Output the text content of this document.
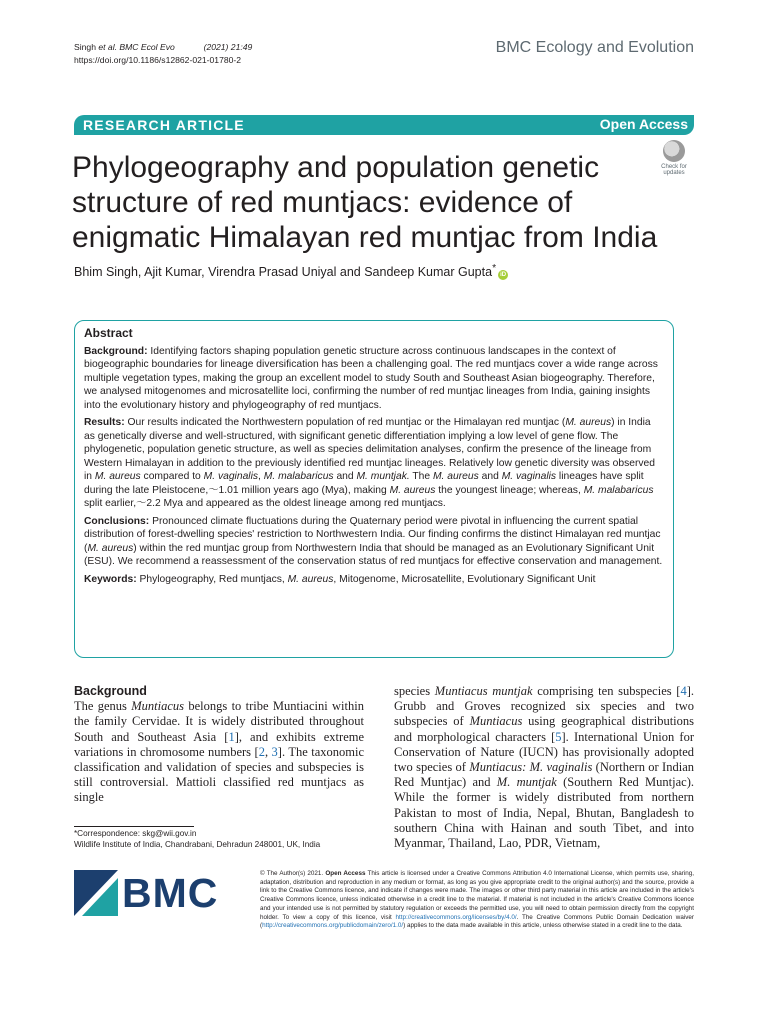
Singh et al. BMC Ecol Evo	(2021) 21:49
https://doi.org/10.1186/s12862-021-01780-2
BMC Ecology and Evolution
RESEARCH ARTICLE	Open Access
Phylogeography and population genetic structure of red muntjacs: evidence of enigmatic Himalayan red muntjac from India
Check for
updates
Bhim Singh, Ajit Kumar, Virendra Prasad Uniyal and Sandeep Kumar Gupta*iD
Abstract

Background: Identifying factors shaping population genetic structure across continuous landscapes in the context of biogeographic boundaries for lineage diversification has been a challenging goal. The red muntjacs cover a wide range across multiple vegetation types, making the group an excellent model to study South and Southeast Asian biogeography. Therefore, we analysed mitogenomes and microsatellite loci, confirming the number of red muntjac lineages from India, gaining insights into the evolutionary history and phylogeography of red muntjacs.

Results: Our results indicated the Northwestern population of red muntjac or the Himalayan red muntjac (M. aureus) in India as genetically diverse and well-structured, with significant genetic differentiation implying a low level of gene flow. The phylogenetic, population genetic structure, as well as species delimitation analyses, confirm the presence of the lineage from Western Himalayan in addition to the previously identified red muntjac lineages. Relatively low genetic diversity was observed in M. aureus compared to M. vaginalis, M. malabaricus and M. muntjak. The M. aureus and M. vaginalis lineages have split during the late Pleistocene,～1.01 million years ago (Mya), making M. aureus the youngest lineage; whereas, M. malabaricus split earlier,～2.2 Mya and appeared as the oldest lineage among red muntjacs.

Conclusions: Pronounced climate fluctuations during the Quaternary period were pivotal in influencing the current spatial distribution of forest-dwelling species' restriction to Northwestern India. Our finding confirms the distinct Himalayan red muntjac (M. aureus) within the red muntjac group from Northwestern India that should be managed as an Evolutionary Significant Unit (ESU). We recommend a reassessment of the conservation status of red muntjacs for effective conservation and management.

Keywords: Phylogeography, Red muntjacs, M. aureus, Mitogenome, Microsatellite, Evolutionary Significant Unit

Background

The genus Muntiacus belongs to tribe Muntiacini within the family Cervidae. It is widely distributed throughout South and Southeast Asia [1], and exhibits extreme variations in chromosome numbers [2, 3]. The taxonomic classification and validation of species and subspecies is still controversial. Mattioli classified red muntjacs as single

species Muntiacus muntjak comprising ten subspecies [4]. Grubb and Groves recognized six species and two subspecies of Muntiacus using geographical distributions and morphological characters [5]. International Union for Conservation of Nature (IUCN) has provisionally adopted two species of Muntiacus: M. vaginalis (Northern or Indian Red Muntjac) and M. muntjak (Southern Red Muntjac). While the former is widely distributed from northern Pakistan to most of India, Nepal, Bhutan, Bangladesh to southern China with Hainan and south Tibet, and into Myanmar, Thailand, Lao, PDR, Vietnam,

*Correspondence: skg@wii.gov.in
Wildlife Institute of India, Chandrabani, Dehradun 248001, UK, India
BMC	© The Author(s) 2021. Open Access This article is licensed under a Creative Commons Attribution 4.0 International License, which permits use, sharing, adaptation, distribution and reproduction in any medium or format, as long as you give appropriate credit to the original author(s) and the source, provide a link to the Creative Commons licence, and indicate if changes were made. The images or other third party material in this article are included in the article's Creative Commons licence, unless indicated otherwise in a credit line to the material. If material is not included in the article's Creative Commons licence and your intended use is not permitted by statutory regulation or exceeds the permitted use, you will need to obtain permission directly from the copyright holder. To view a copy of this licence, visit http://creativecommons.org/licenses/by/4.0/. The Creative Commons Public Domain Dedication waiver (http://creativecommons.org/publicdomain/zero/1.0/) applies to the data made available in this article, unless otherwise stated in a credit line to the data.
